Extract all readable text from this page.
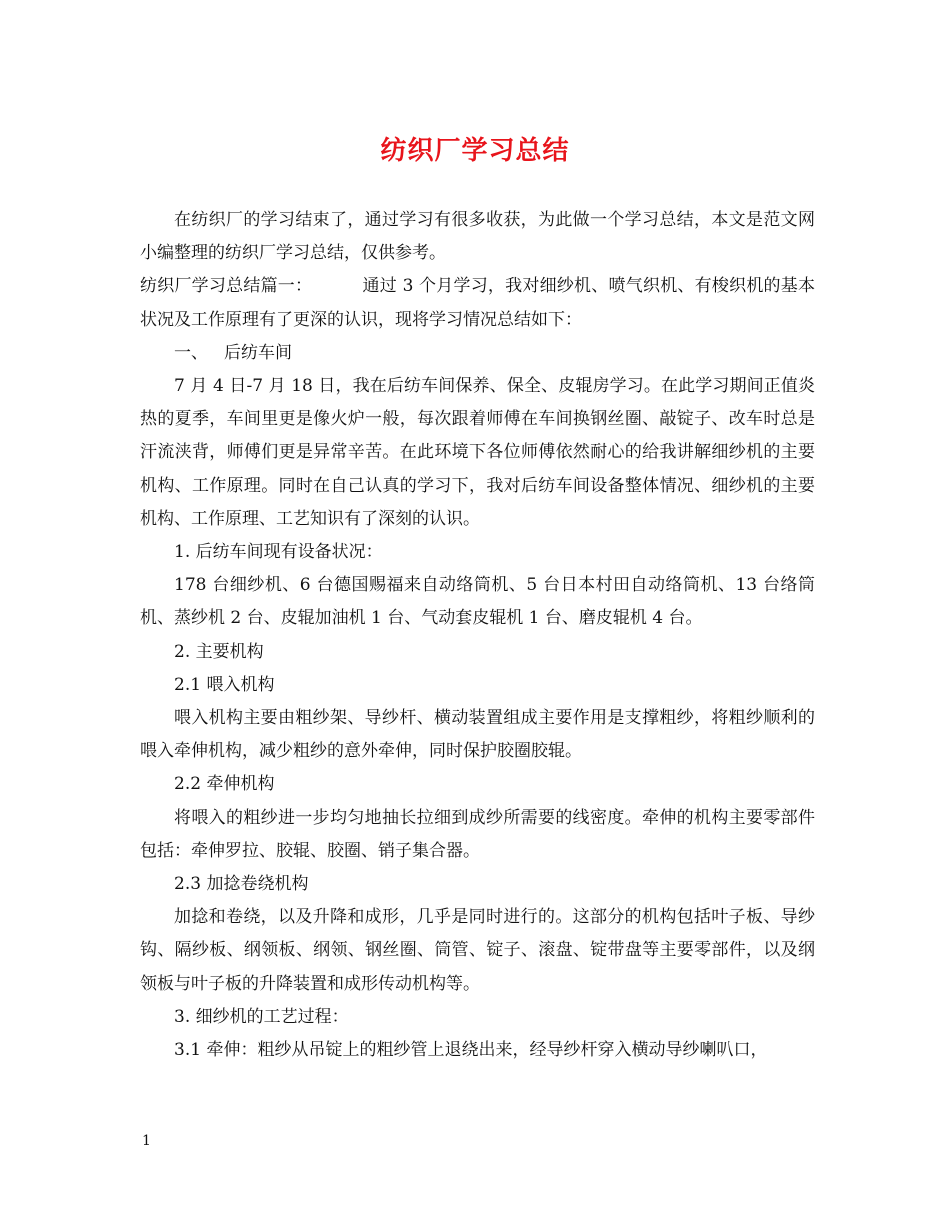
纺织厂学习总结

在纺织厂的学习结束了，通过学习有很多收获，为此做一个学习总结，本文是范文网小编整理的纺织厂学习总结，仅供参考。

纺织厂学习总结篇一：	通过 3 个月学习，我对细纱机、喷气织机、有梭织机的基本状况及工作原理有了更深的认识，现将学习情况总结如下：

一、 后纺车间

7 月 4 日-7 月 18 日，我在后纺车间保养、保全、皮辊房学习。在此学习期间正值炎热的夏季，车间里更是像火炉一般，每次跟着师傅在车间换钢丝圈、敲锭子、改车时总是汗流浃背，师傅们更是异常辛苦。在此环境下各位师傅依然耐心的给我讲解细纱机的主要机构、工作原理。同时在自己认真的学习下，我对后纺车间设备整体情况、细纱机的主要机构、工作原理、工艺知识有了深刻的认识。

1. 后纺车间现有设备状况：

178 台细纱机、6 台德国赐福来自动络筒机、5 台日本村田自动络筒机、13 台络筒机、蒸纱机 2 台、皮辊加油机 1 台、气动套皮辊机 1 台、磨皮辊机 4 台。

2. 主要机构

2.1 喂入机构

喂入机构主要由粗纱架、导纱杆、横动装置组成主要作用是支撑粗纱，将粗纱顺利的喂入牵伸机构，减少粗纱的意外牵伸，同时保护胶圈胶辊。

2.2 牵伸机构

将喂入的粗纱进一步均匀地抽长拉细到成纱所需要的线密度。牵伸的机构主要零部件包括：牵伸罗拉、胶辊、胶圈、销子集合器。

2.3 加捻卷绕机构

加捻和卷绕，以及升降和成形，几乎是同时进行的。这部分的机构包括叶子板、导纱钩、隔纱板、纲领板、纲领、钢丝圈、筒管、锭子、滚盘、锭带盘等主要零部件，以及纲领板与叶子板的升降装置和成形传动机构等。

3. 细纱机的工艺过程：

3.1 牵伸：粗纱从吊锭上的粗纱管上退绕出来，经导纱杆穿入横动导纱喇叭口，

1
